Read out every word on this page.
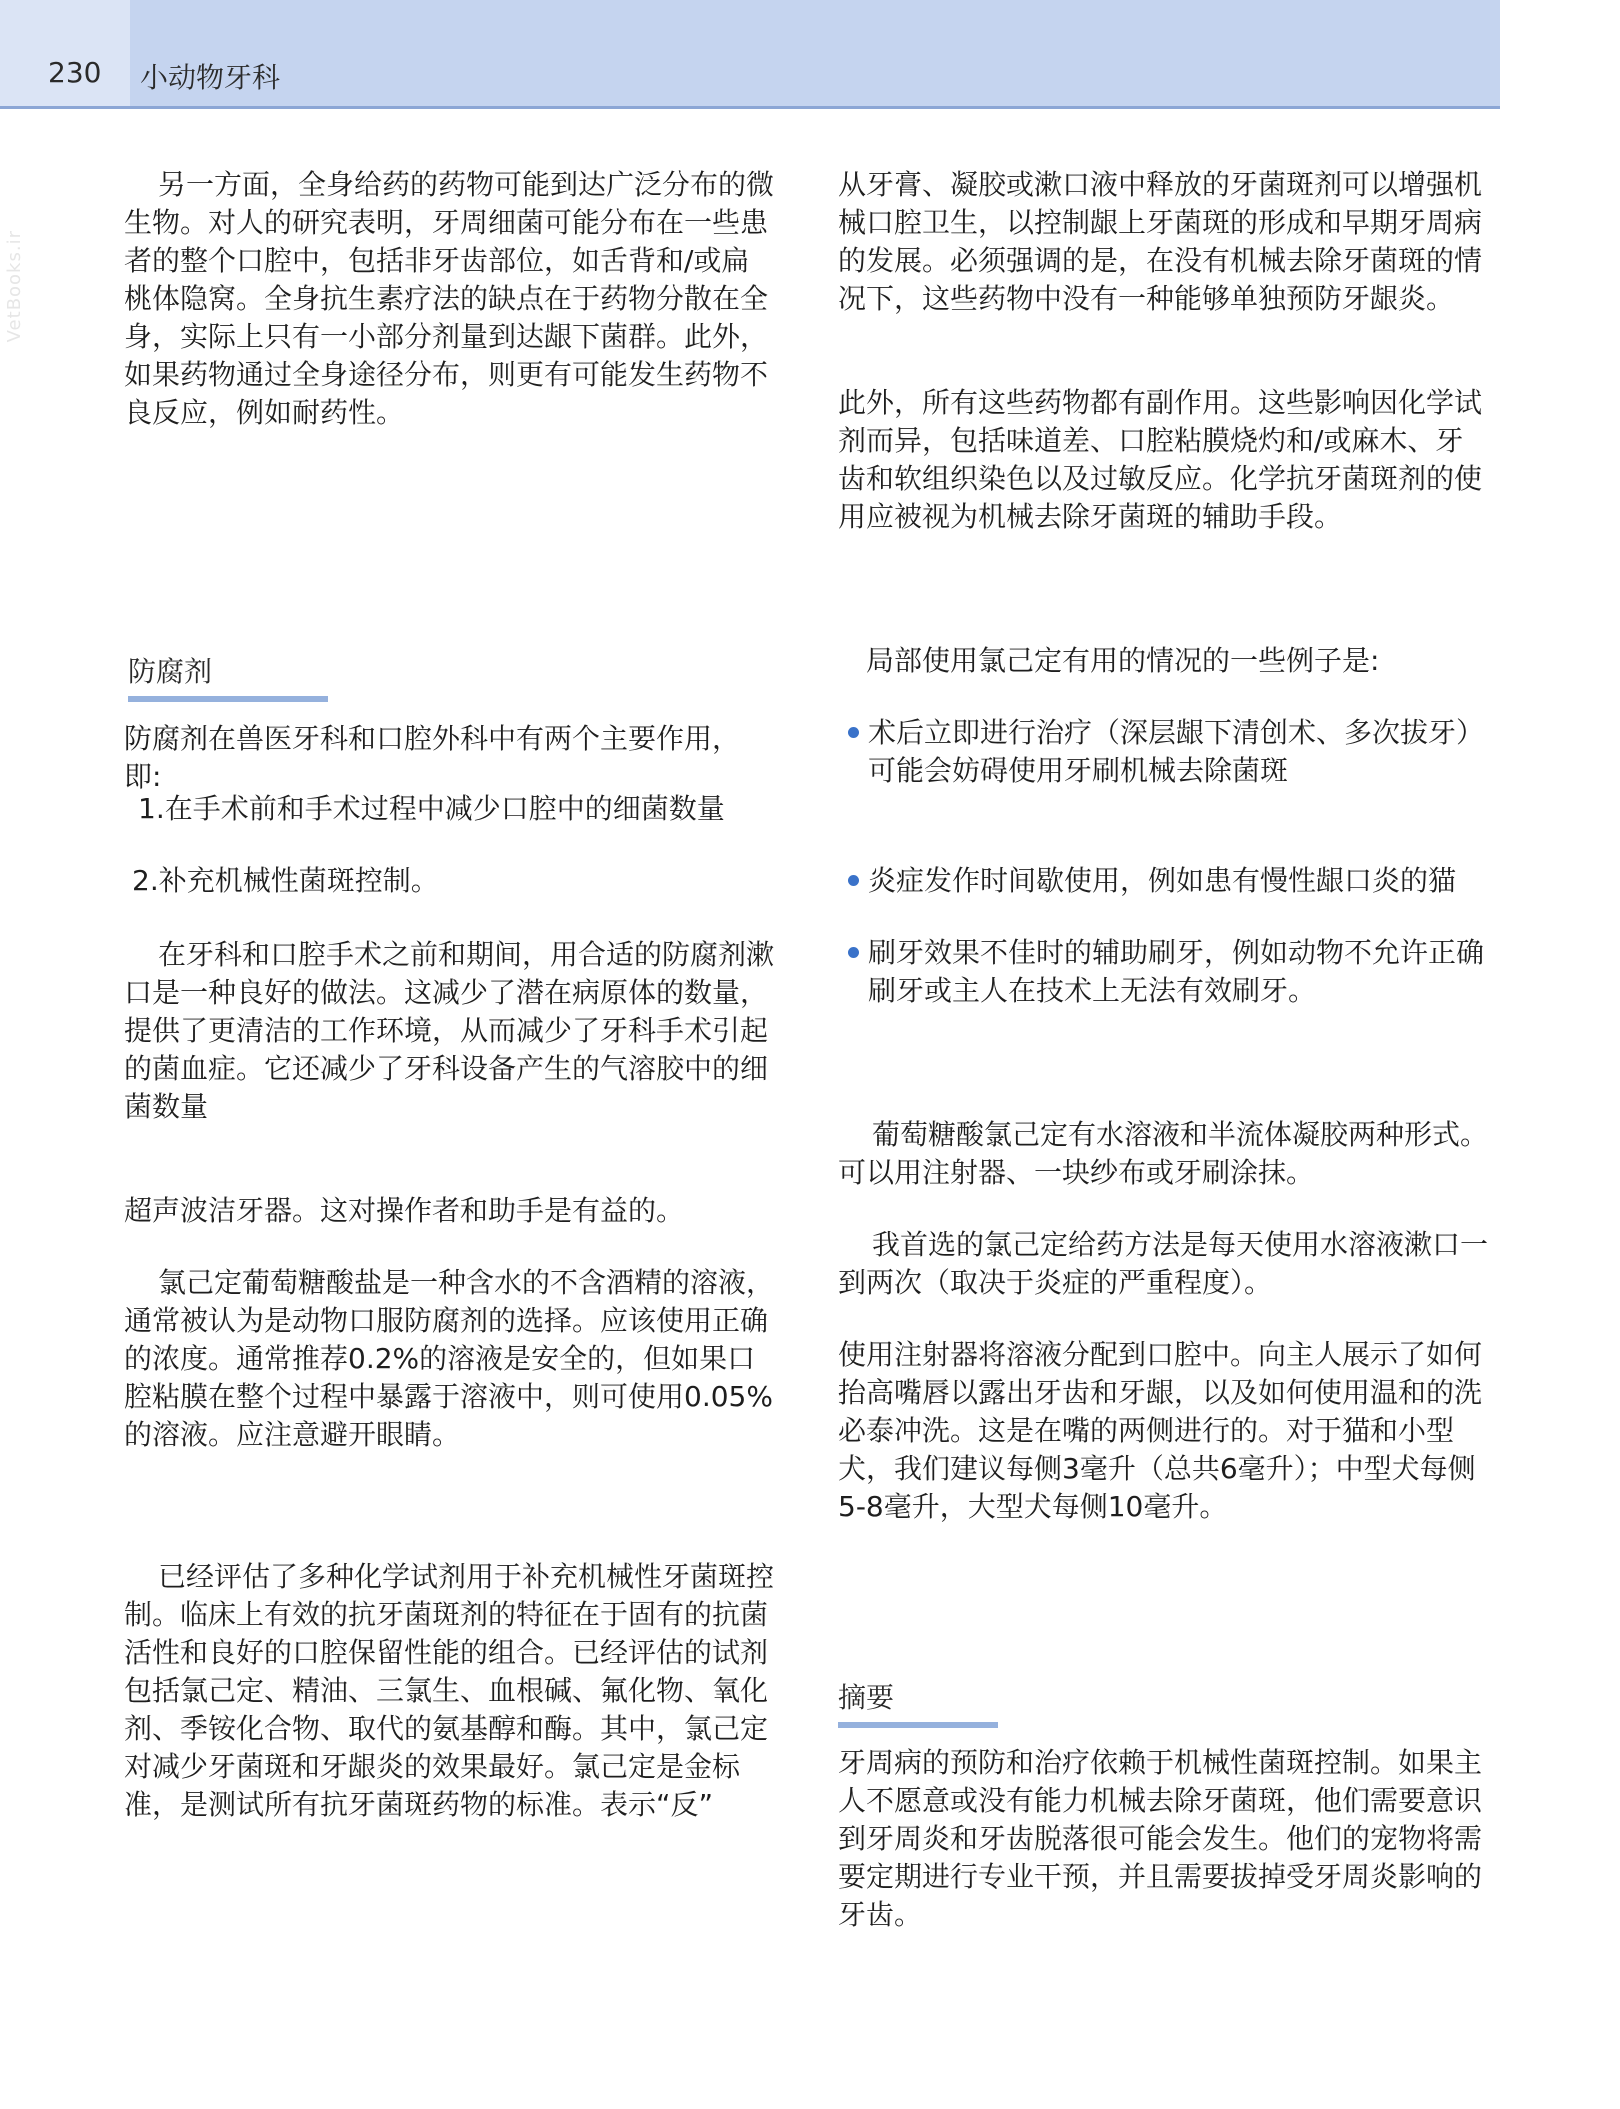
230 小动物牙科
VetBooks.ir

另一方面，全身给药的药物可能到达广泛分布的微生物。对人的研究表明，牙周细菌可能分布在一些患者的整个口腔中，包括非牙齿部位，如舌背和/或扁桃体隐窝。全身抗生素疗法的缺点在于药物分散在全身，实际上只有一小部分剂量到达龈下菌群。此外，如果药物通过全身途径分布，则更有可能发生药物不良反应，例如耐药性。

防腐剂

防腐剂在兽医牙科和口腔外科中有两个主要作用，即:

1.在手术前和手术过程中减少口腔中的细菌数量

2.补充机械性菌斑控制。

在牙科和口腔手术之前和期间，用合适的防腐剂漱口是一种良好的做法。这减少了潜在病原体的数量，提供了更清洁的工作环境，从而减少了牙科手术引起的菌血症。它还减少了牙科设备产生的气溶胶中的细菌数量

超声波洁牙器。这对操作者和助手是有益的。

氯己定葡萄糖酸盐是一种含水的不含酒精的溶液，通常被认为是动物口服防腐剂的选择。应该使用正确的浓度。通常推荐0.2%的溶液是安全的，但如果口腔粘膜在整个过程中暴露于溶液中，则可使用0.05%的溶液。应注意避开眼睛。

已经评估了多种化学试剂用于补充机械性牙菌斑控制。临床上有效的抗牙菌斑剂的特征在于固有的抗菌活性和良好的口腔保留性能的组合。已经评估的试剂包括氯己定、精油、三氯生、血根碱、氟化物、氧化剂、季铵化合物、取代的氨基醇和酶。其中，氯己定对减少牙菌斑和牙龈炎的效果最好。氯己定是金标准，是测试所有抗牙菌斑药物的标准。表示“反”

从牙膏、凝胶或漱口液中释放的牙菌斑剂可以增强机械口腔卫生，以控制龈上牙菌斑的形成和早期牙周病的发展。必须强调的是，在没有机械去除牙菌斑的情况下，这些药物中没有一种能够单独预防牙龈炎。

此外，所有这些药物都有副作用。这些影响因化学试剂而异，包括味道差、口腔粘膜烧灼和/或麻木、牙齿和软组织染色以及过敏反应。化学抗牙菌斑剂的使用应被视为机械去除牙菌斑的辅助手段。

局部使用氯己定有用的情况的一些例子是:

术后立即进行治疗（深层龈下清创术、多次拔牙）可能会妨碍使用牙刷机械去除菌斑
炎症发作时间歇使用，例如患有慢性龈口炎的猫
刷牙效果不佳时的辅助刷牙，例如动物不允许正确刷牙或主人在技术上无法有效刷牙。

葡萄糖酸氯己定有水溶液和半流体凝胶两种形式。可以用注射器、一块纱布或牙刷涂抹。

我首选的氯己定给药方法是每天使用水溶液漱口一到两次（取决于炎症的严重程度）。

使用注射器将溶液分配到口腔中。向主人展示了如何抬高嘴唇以露出牙齿和牙龈，以及如何使用温和的洗必泰冲洗。这是在嘴的两侧进行的。对于猫和小型犬，我们建议每侧3毫升（总共6毫升）；中型犬每侧5-8毫升，大型犬每侧10毫升。

摘要

牙周病的预防和治疗依赖于机械性菌斑控制。如果主人不愿意或没有能力机械去除牙菌斑，他们需要意识到牙周炎和牙齿脱落很可能会发生。他们的宠物将需要定期进行专业干预，并且需要拔掉受牙周炎影响的牙齿。
